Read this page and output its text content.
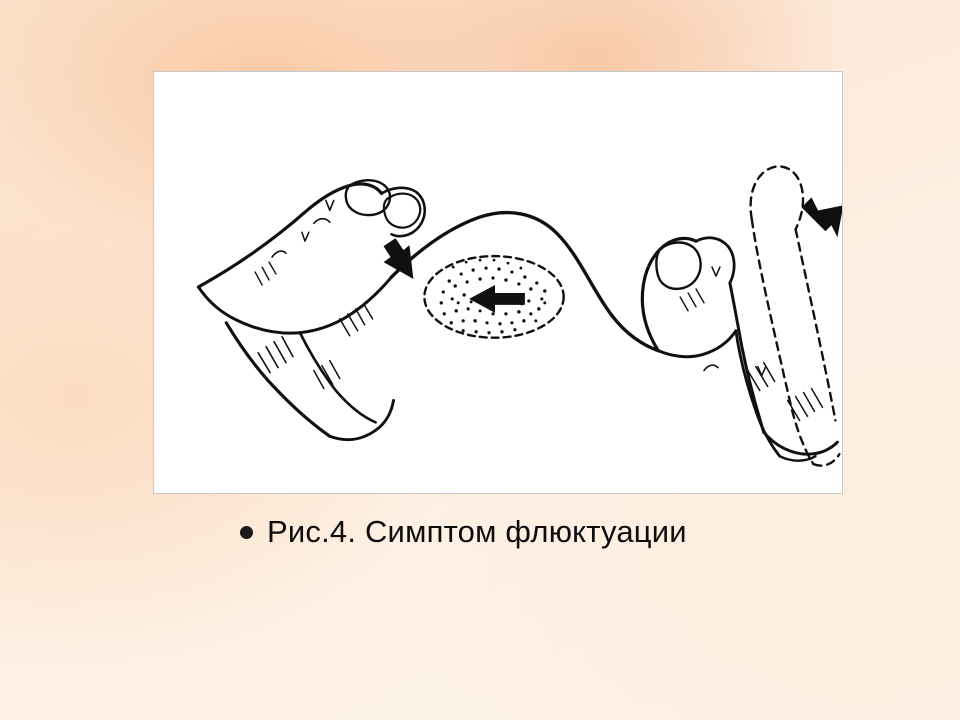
Рис.4. Симптом флюктуации
